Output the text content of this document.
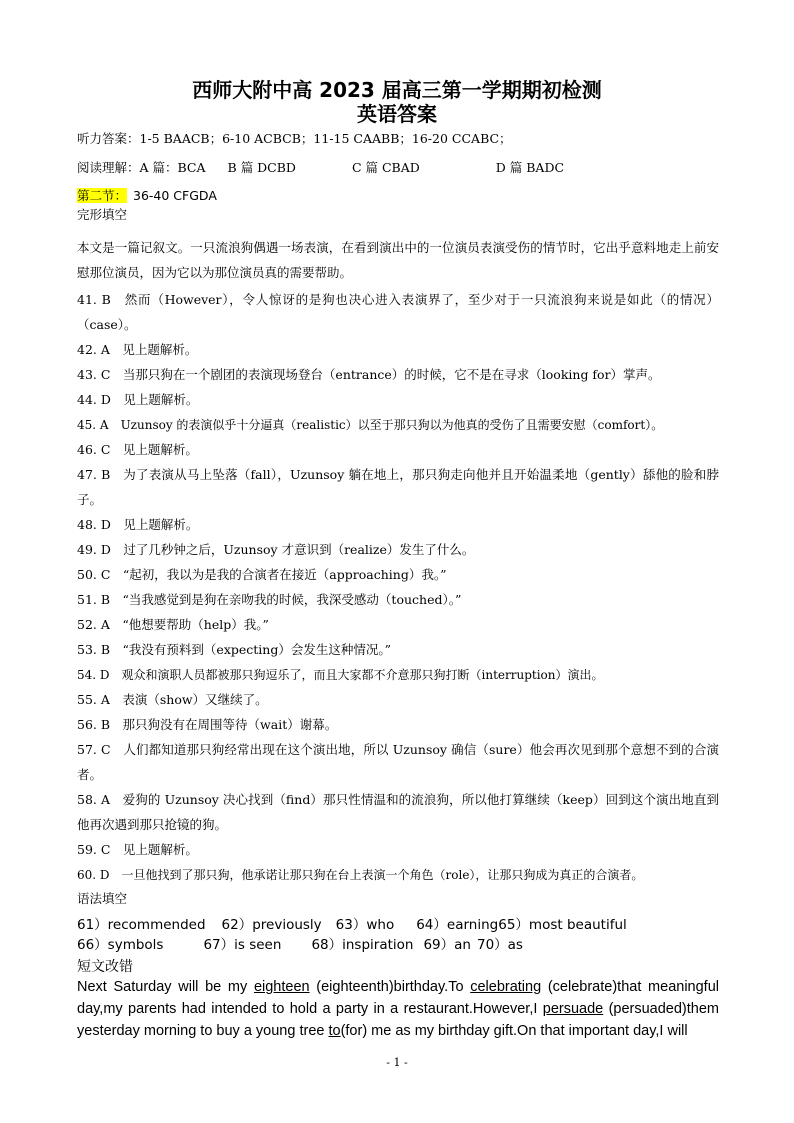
西师大附中高 2023 届高三第一学期期初检测
英语答案
听力答案：1-5 BAACB；6-10 ACBCB；11-15 CAABB；16-20 CCABC；
阅读理解：A 篇：BCA B 篇 DCBD	C 篇 CBAD	D 篇 BADC
第二节： 36-40 CFGDA
完形填空
本文是一篇记叙文。一只流浪狗偶遇一场表演，在看到演出中的一位演员表演受伤的情节时，它出乎意料地走上前安慰那位演员，因为它以为那位演员真的需要帮助。
41. B　然而（However），令人惊讶的是狗也决心进入表演界了，至少对于一只流浪狗来说是如此（的情况）（case）。
42. A　见上题解析。
43. C　当那只狗在一个剧团的表演现场登台（entrance）的时候，它不是在寻求（looking for）掌声。
44. D　见上题解析。
45. A　Uzunsoy 的表演似乎十分逼真（realistic）以至于那只狗以为他真的受伤了且需要安慰（comfort）。
46. C　见上题解析。
47. B　为了表演从马上坠落（fall），Uzunsoy 躺在地上，那只狗走向他并且开始温柔地（gently）舔他的脸和脖子。
48. D　见上题解析。
49. D　过了几秒钟之后，Uzunsoy 才意识到（realize）发生了什么。
50. C　“起初，我以为是我的合演者在接近（approaching）我。”
51. B　“当我感觉到是狗在亲吻我的时候，我深受感动（touched）。”
52. A　“他想要帮助（help）我。”
53. B　“我没有预料到（expecting）会发生这种情况。”
54. D　观众和演职人员都被那只狗逗乐了，而且大家都不介意那只狗打断（interruption）演出。
55. A　表演（show）又继续了。
56. B　那只狗没有在周围等待（wait）谢幕。
57. C　人们都知道那只狗经常出现在这个演出地，所以 Uzunsoy 确信（sure）他会再次见到那个意想不到的合演者。
58. A　爱狗的 Uzunsoy 决心找到（find）那只性情温和的流浪狗，所以他打算继续（keep）回到这个演出地直到他再次遇到那只抢镜的狗。
59. C　见上题解析。
60. D　一旦他找到了那只狗，他承诺让那只狗在台上表演一个角色（role），让那只狗成为真正的合演者。
语法填空
61）recommended 62）previously 63）who 64）earning65）most beautiful
66）symbols	67）is seen 68）inspiration 69）an 70）as
短文改错
Next Saturday will be my eighteen (eighteenth)birthday.To celebrating (celebrate)that meaningful day,my parents had intended to hold a party in a restaurant.However,I persuade (persuaded)them yesterday morning to buy a young tree to(for) me as my birthday gift.On that important day,I will
- 1 -
